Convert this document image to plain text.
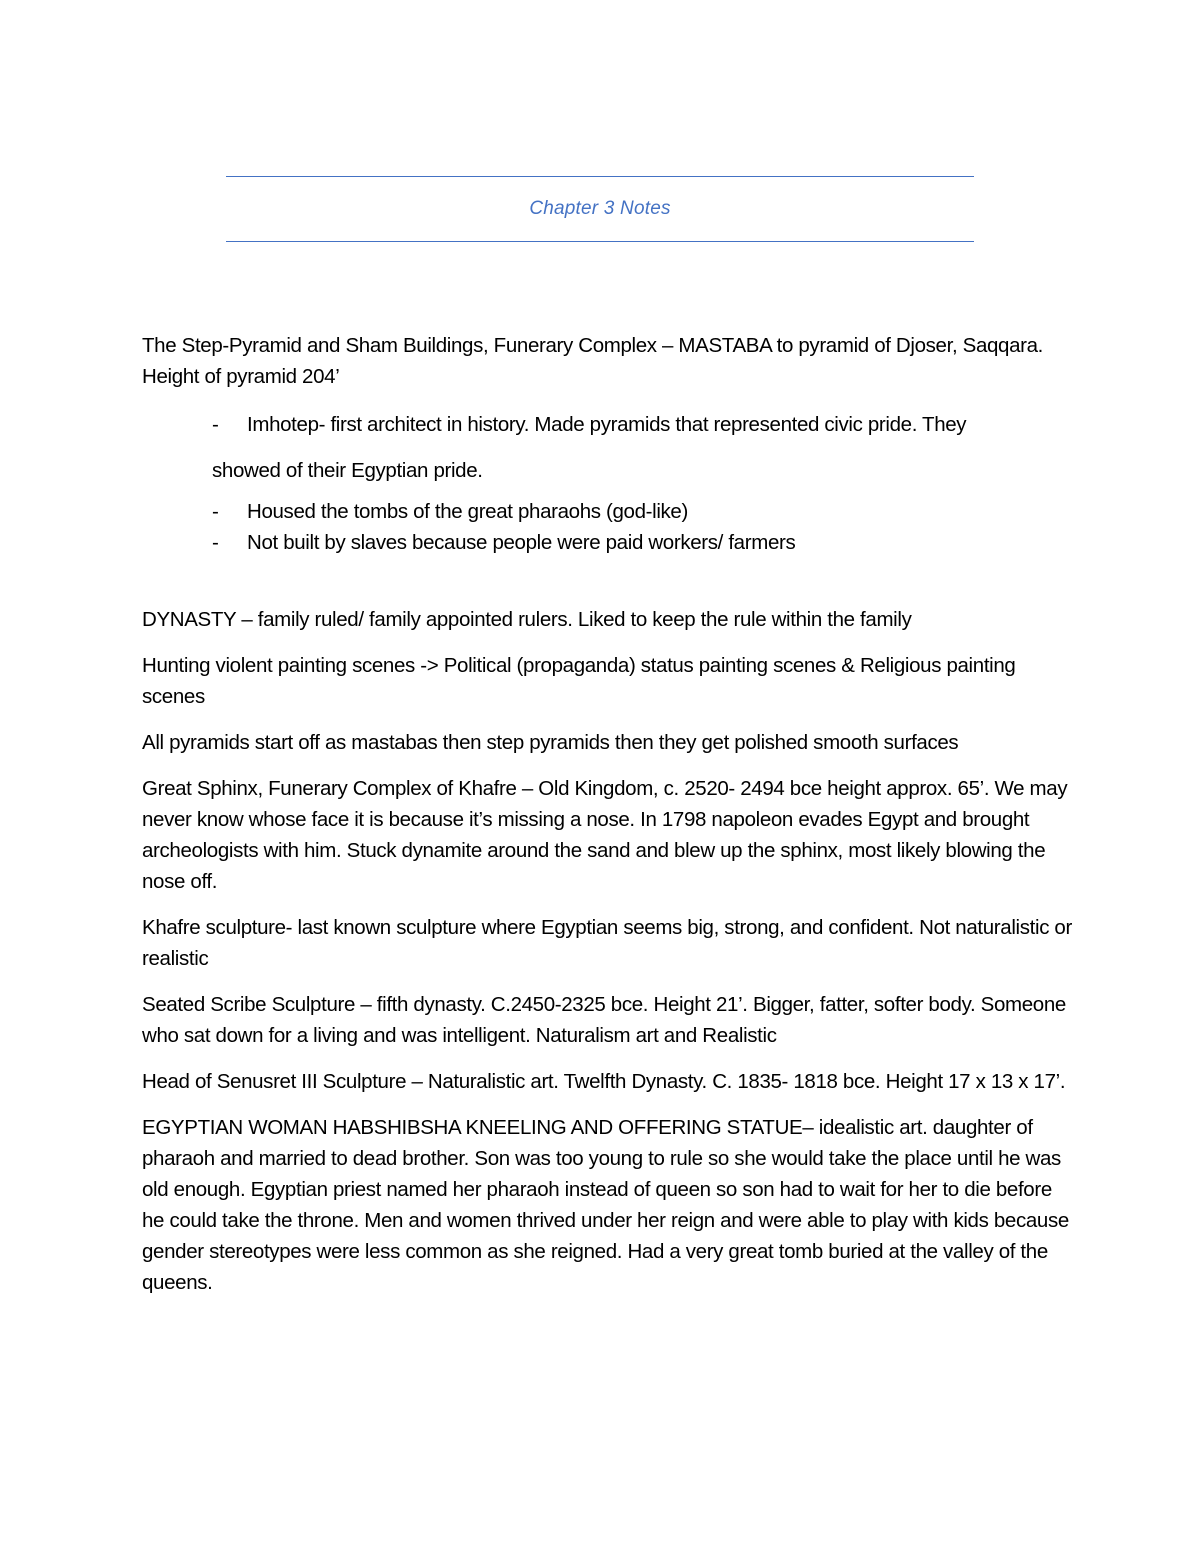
Chapter 3 Notes

The Step-Pyramid and Sham Buildings, Funerary Complex – MASTABA to pyramid of Djoser, Saqqara. Height of pyramid 204’

- Imhotep- first architect in history. Made pyramids that represented civic pride. They
showed of their Egyptian pride.
- Housed the tombs of the great pharaohs (god-like)
- Not built by slaves because people were paid workers/ farmers

DYNASTY – family ruled/ family appointed rulers. Liked to keep the rule within the family

Hunting violent painting scenes -> Political (propaganda) status painting scenes & Religious painting scenes

All pyramids start off as mastabas then step pyramids then they get polished smooth surfaces

Great Sphinx, Funerary Complex of Khafre – Old Kingdom, c. 2520- 2494 bce height approx. 65’. We may never know whose face it is because it’s missing a nose. In 1798 napoleon evades Egypt and brought archeologists with him. Stuck dynamite around the sand and blew up the sphinx, most likely blowing the nose off.

Khafre sculpture- last known sculpture where Egyptian seems big, strong, and confident. Not naturalistic or realistic

Seated Scribe Sculpture – fifth dynasty. C.2450-2325 bce. Height 21’. Bigger, fatter, softer body. Someone who sat down for a living and was intelligent. Naturalism art and Realistic

Head of Senusret III Sculpture – Naturalistic art. Twelfth Dynasty. C. 1835- 1818 bce. Height 17 x 13 x 17’.

EGYPTIAN WOMAN HABSHIBSHA KNEELING AND OFFERING STATUE– idealistic art. daughter of pharaoh and married to dead brother. Son was too young to rule so she would take the place until he was old enough. Egyptian priest named her pharaoh instead of queen so son had to wait for her to die before he could take the throne. Men and women thrived under her reign and were able to play with kids because gender stereotypes were less common as she reigned. Had a very great tomb buried at the valley of the queens.
